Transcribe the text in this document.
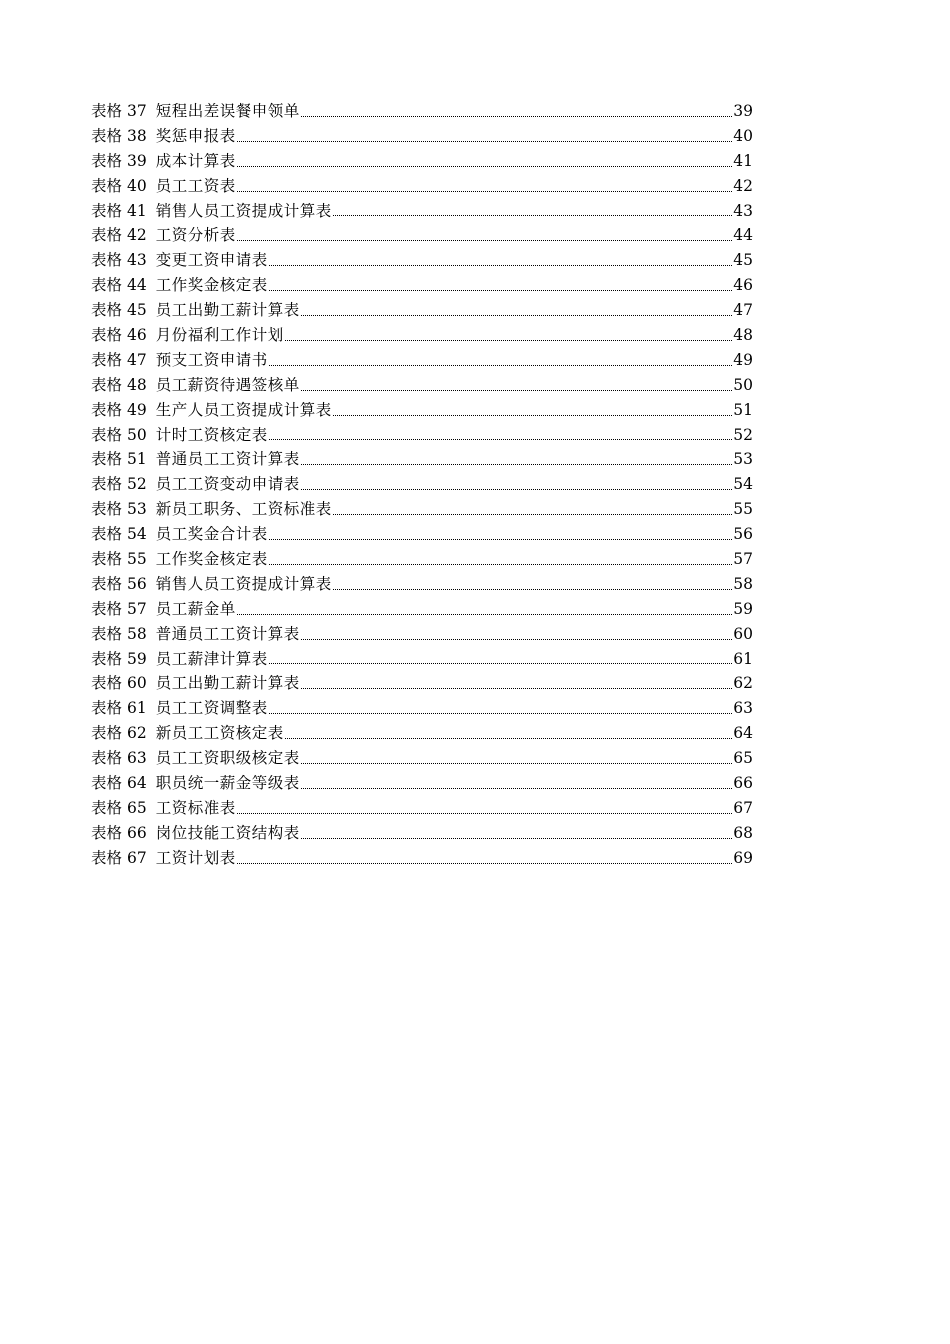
表格 37 短程出差误餐申领单	39
表格 38 奖惩申报表	40
表格 39 成本计算表	41
表格 40 员工工资表	42
表格 41 销售人员工资提成计算表	43
表格 42 工资分析表	44
表格 43 变更工资申请表	45
表格 44 工作奖金核定表	46
表格 45 员工出勤工薪计算表	47
表格 46 月份福利工作计划	48
表格 47 预支工资申请书	49
表格 48 员工薪资待遇签核单	50
表格 49 生产人员工资提成计算表	51
表格 50 计时工资核定表	52
表格 51 普通员工工资计算表	53
表格 52 员工工资变动申请表	54
表格 53 新员工职务、工资标准表	55
表格 54 员工奖金合计表	56
表格 55 工作奖金核定表	57
表格 56 销售人员工资提成计算表	58
表格 57 员工薪金单	59
表格 58 普通员工工资计算表	60
表格 59 员工薪津计算表	61
表格 60 员工出勤工薪计算表	62
表格 61 员工工资调整表	63
表格 62 新员工工资核定表	64
表格 63 员工工资职级核定表	65
表格 64 职员统一薪金等级表	66
表格 65 工资标准表	67
表格 66 岗位技能工资结构表	68
表格 67 工资计划表	69
